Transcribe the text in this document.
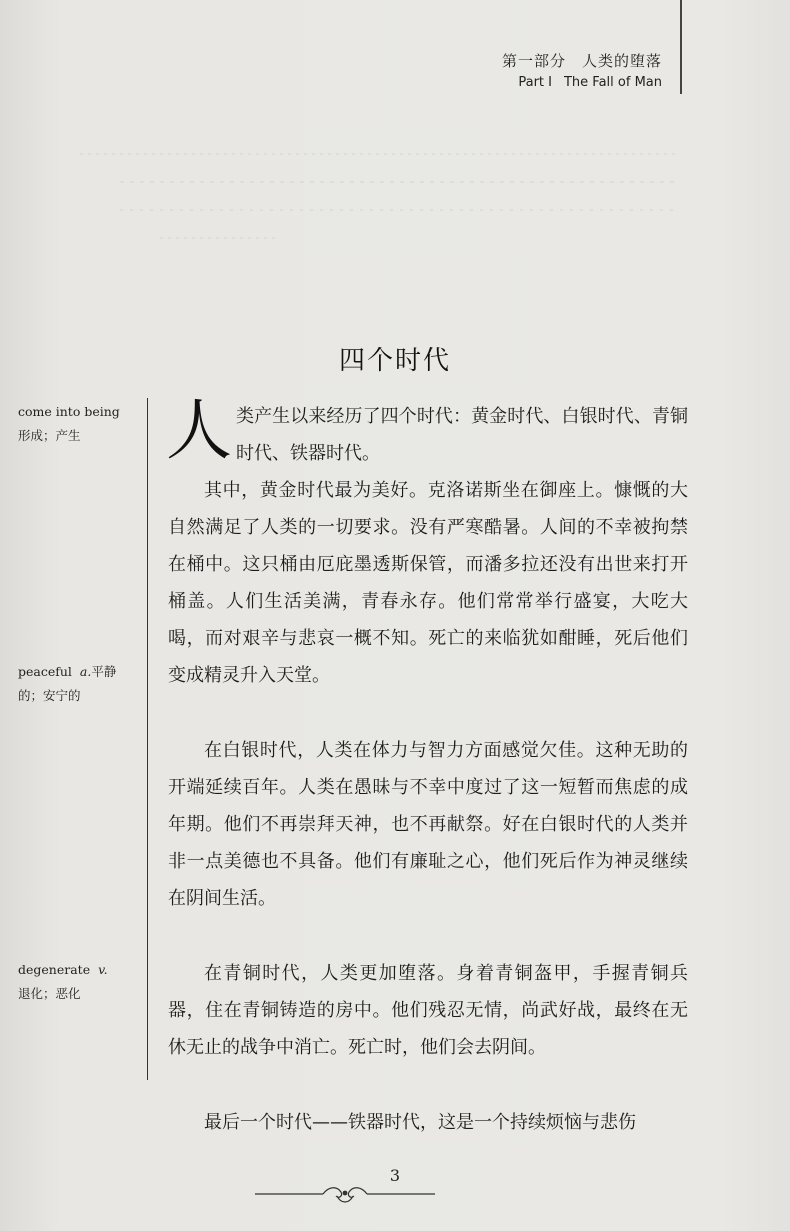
第一部分　人类的堕落
Part Ⅰ The Fall of Man
四个时代
come into being
形成；产生
peaceful a.平静
的；安宁的
degenerate v.
退化；恶化

人类产生以来经历了四个时代：黄金时代、白银时代、青铜时代、铁器时代。

其中，黄金时代最为美好。克洛诺斯坐在御座上。慷慨的大自然满足了人类的一切要求。没有严寒酷暑。人间的不幸被拘禁在桶中。这只桶由厄庇墨透斯保管，而潘多拉还没有出世来打开桶盖。人们生活美满，青春永存。他们常常举行盛宴，大吃大喝，而对艰辛与悲哀一概不知。死亡的来临犹如酣睡，死后他们变成精灵升入天堂。

在白银时代，人类在体力与智力方面感觉欠佳。这种无助的开端延续百年。人类在愚昧与不幸中度过了这一短暂而焦虑的成年期。他们不再崇拜天神，也不再献祭。好在白银时代的人类并非一点美德也不具备。他们有廉耻之心，他们死后作为神灵继续在阴间生活。

在青铜时代，人类更加堕落。身着青铜盔甲，手握青铜兵器，住在青铜铸造的房中。他们残忍无情，尚武好战，最终在无休无止的战争中消亡。死亡时，他们会去阴间。

最后一个时代——铁器时代，这是一个持续烦恼与悲伤

3
